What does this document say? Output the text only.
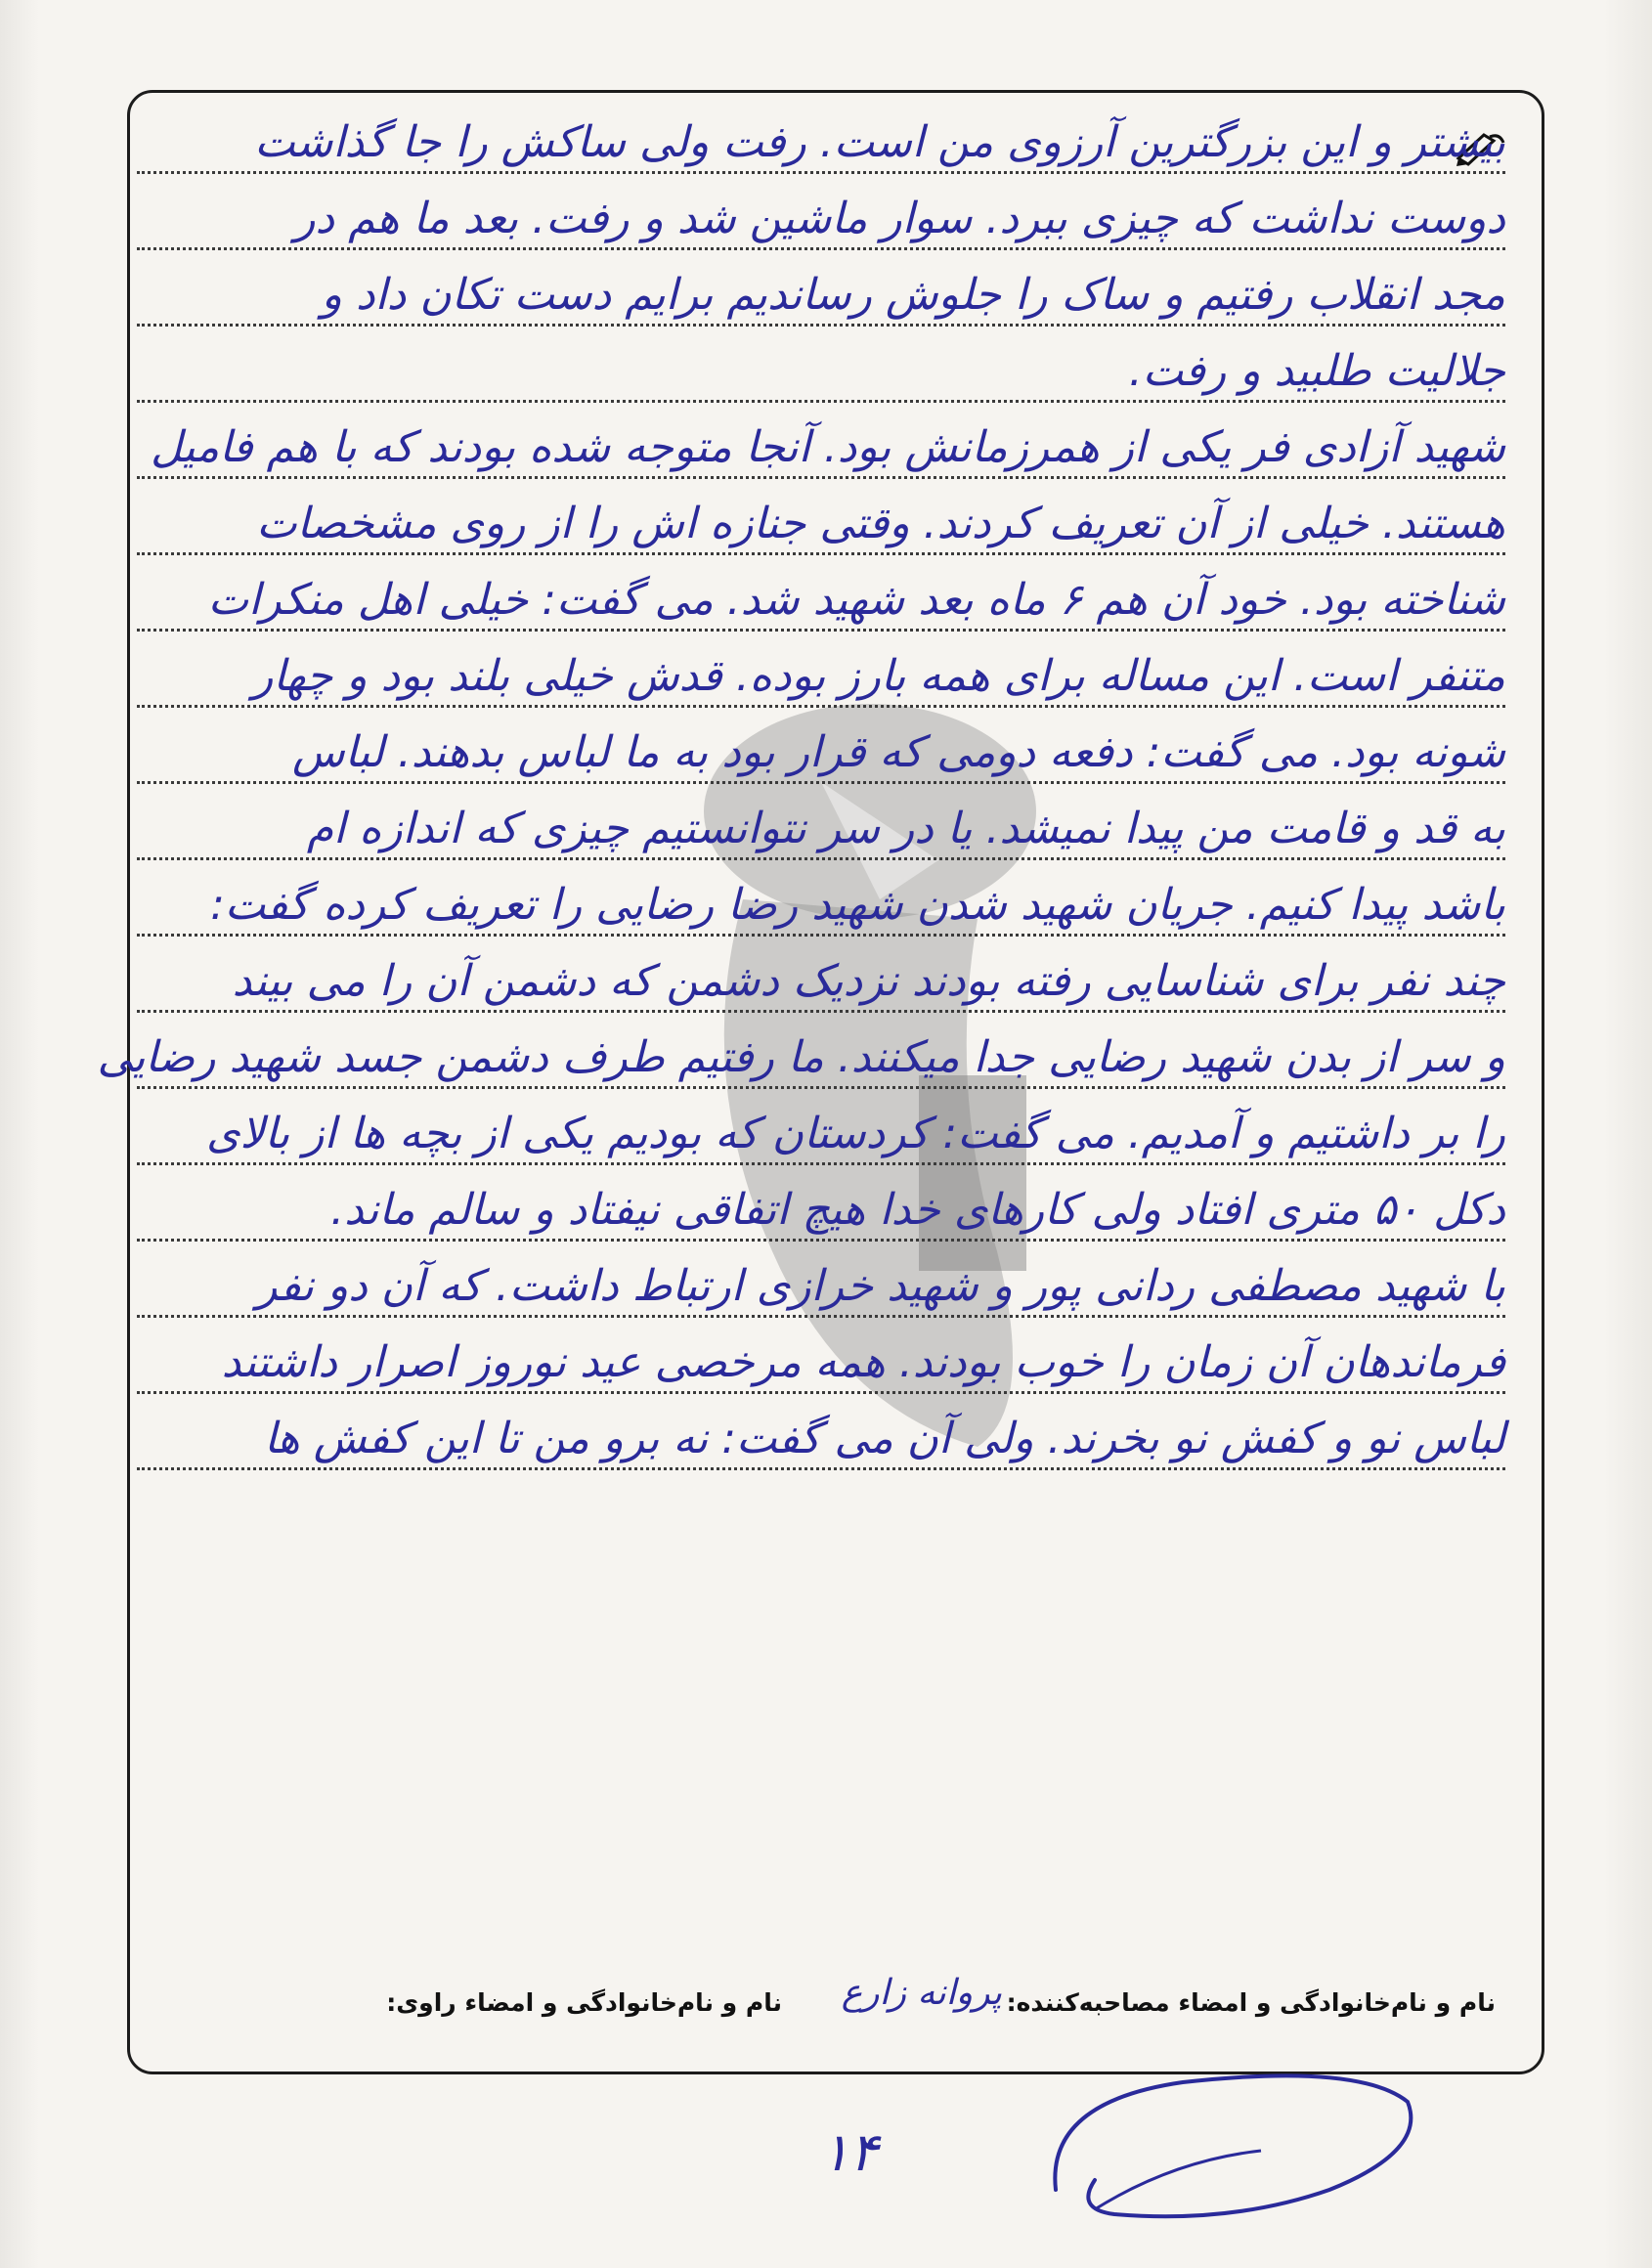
بیشتر و این بزرگترین آرزوی من است. رفت ولی ساکش را جا گذاشت
دوست نداشت که چیزی ببرد. سوار ماشین شد و رفت. بعد ما هم در
مجد انقلاب رفتیم و ساک را جلوش رساندیم برایم دست تکان داد و
جلالیت طلبید و رفت.
شهید آزادی فر یکی از همرزمانش بود. آنجا متوجه شده بودند که با هم فامیل
هستند. خیلی از آن تعریف کردند. وقتی جنازه اش را از روی مشخصات
شناخته بود. خود آن هم ۶ ماه بعد شهید شد. می گفت: خیلی اهل منکرات
متنفر است. این مساله برای همه بارز بوده. قدش خیلی بلند بود و چهار
شونه بود. می گفت: دفعه دومی که قرار بود به ما لباس بدهند. لباس
به قد و قامت من پیدا نمیشد. یا در سر نتوانستیم چیزی که اندازه ام
باشد پیدا کنیم. جریان شهید شدن شهید رضا رضایی را تعریف کرده گفت:
چند نفر برای شناسایی رفته بودند نزدیک دشمن که دشمن آن را می بیند
و سر از بدن شهید رضایی جدا میکنند. ما رفتیم طرف دشمن جسد شهید رضایی
را بر داشتیم و آمدیم. می گفت: کردستان که بودیم یکی از بچه ها از بالای
دکل ۵۰ متری افتاد ولی کارهای خدا هیچ اتفاقی نیفتاد و سالم ماند.
با شهید مصطفی ردانی پور و شهید خرازی ارتباط داشت. که آن دو نفر
فرماندهان آن زمان را خوب بودند. همه مرخصی عید نوروز اصرار داشتند
لباس نو و کفش نو بخرند. ولی آن می گفت: نه برو من تا این کفش ها
نام و نام‌خانوادگی و امضاء مصاحبه‌کننده:
پروانه زارع
نام و نام‌خانوادگی و امضاء راوی:
۱۴
